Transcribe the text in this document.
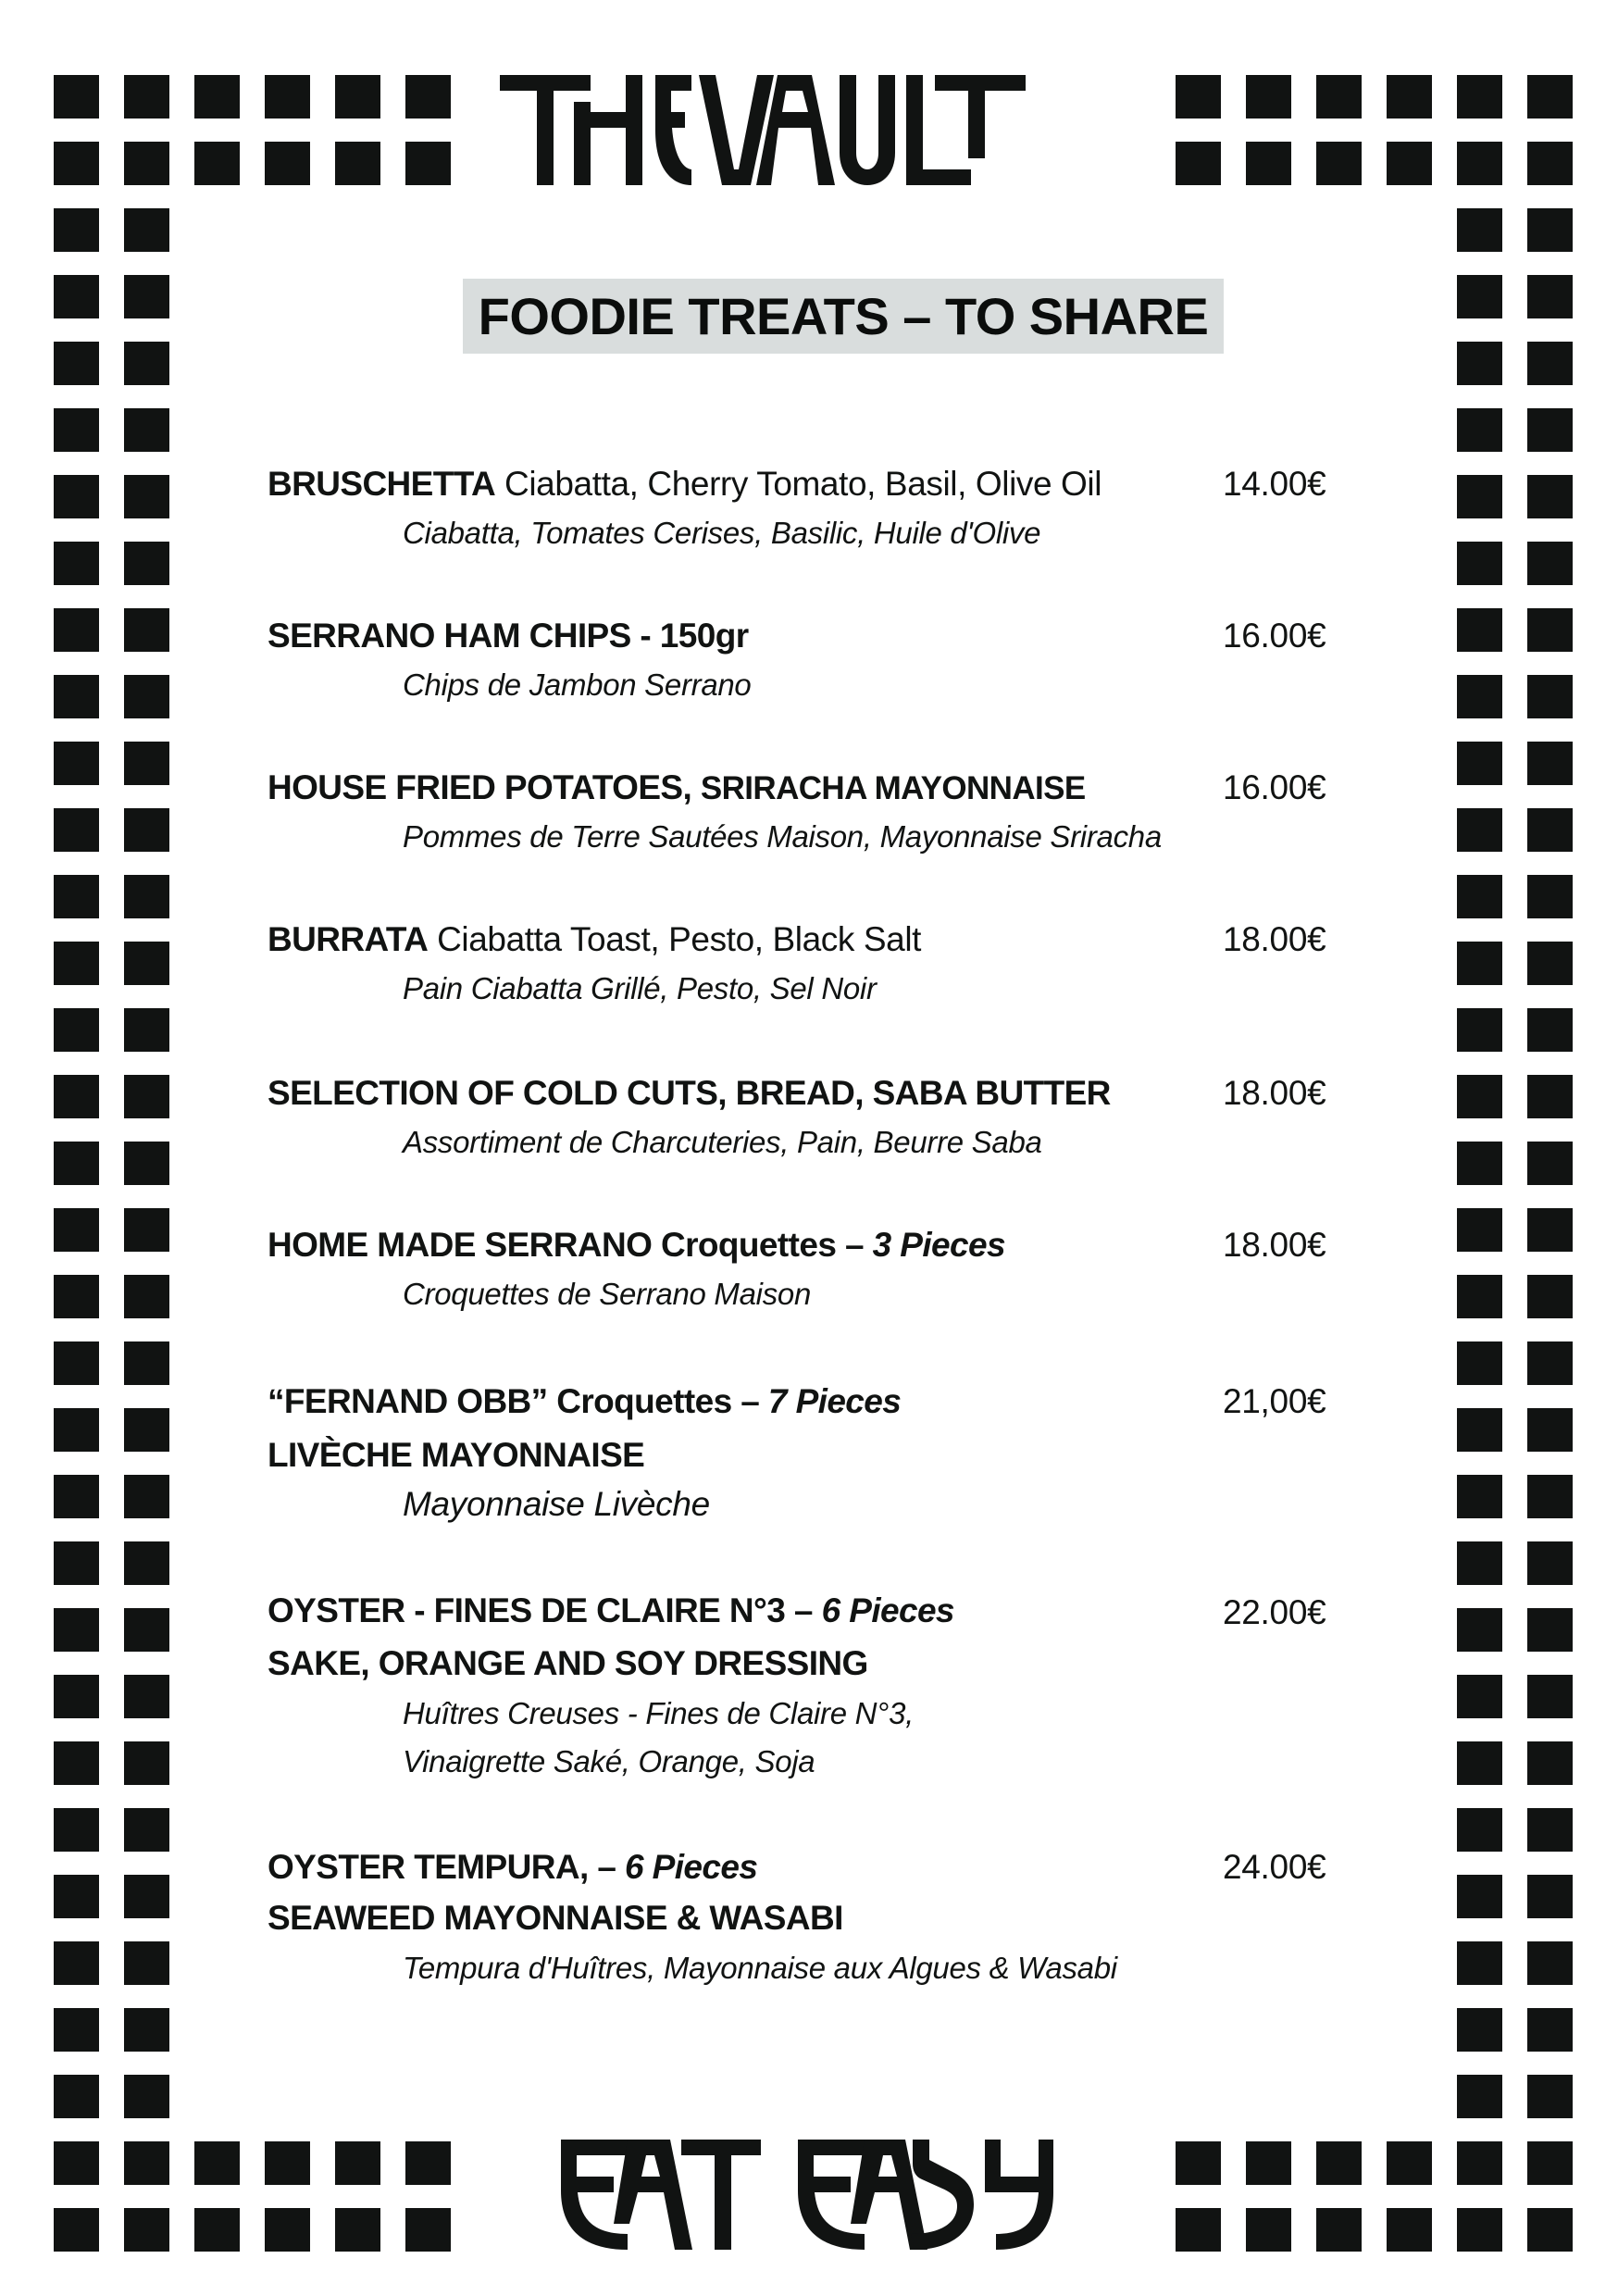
FOODIE TREATS – TO SHARE
BRUSCHETTA Ciabatta, Cherry Tomato, Basil, Olive Oil	14.00€
Ciabatta, Tomates Cerises, Basilic, Huile d'Olive
SERRANO HAM CHIPS - 150gr	16.00€
Chips de Jambon Serrano
HOUSE FRIED POTATOES, SRIRACHA MAYONNAISE	16.00€
Pommes de Terre Sautées Maison, Mayonnaise Sriracha
BURRATA Ciabatta Toast, Pesto, Black Salt	18.00€
Pain Ciabatta Grillé, Pesto, Sel Noir
SELECTION OF COLD CUTS, BREAD, SABA BUTTER	18.00€
Assortiment de Charcuteries, Pain, Beurre Saba
HOME MADE SERRANO Croquettes – 3 Pieces	18.00€
Croquettes de Serrano Maison
“FERNAND OBB” Croquettes – 7 Pieces	21,00€
LIVÈCHE MAYONNAISE
Mayonnaise Livèche
OYSTER - FINES DE CLAIRE N°3 – 6 Pieces	22.00€
SAKE, ORANGE AND SOY DRESSING
Huîtres Creuses - Fines de Claire N°3,
Vinaigrette Saké, Orange, Soja
OYSTER TEMPURA, – 6 Pieces	24.00€
SEAWEED MAYONNAISE & WASABI
Tempura d'Huîtres, Mayonnaise aux Algues & Wasabi
